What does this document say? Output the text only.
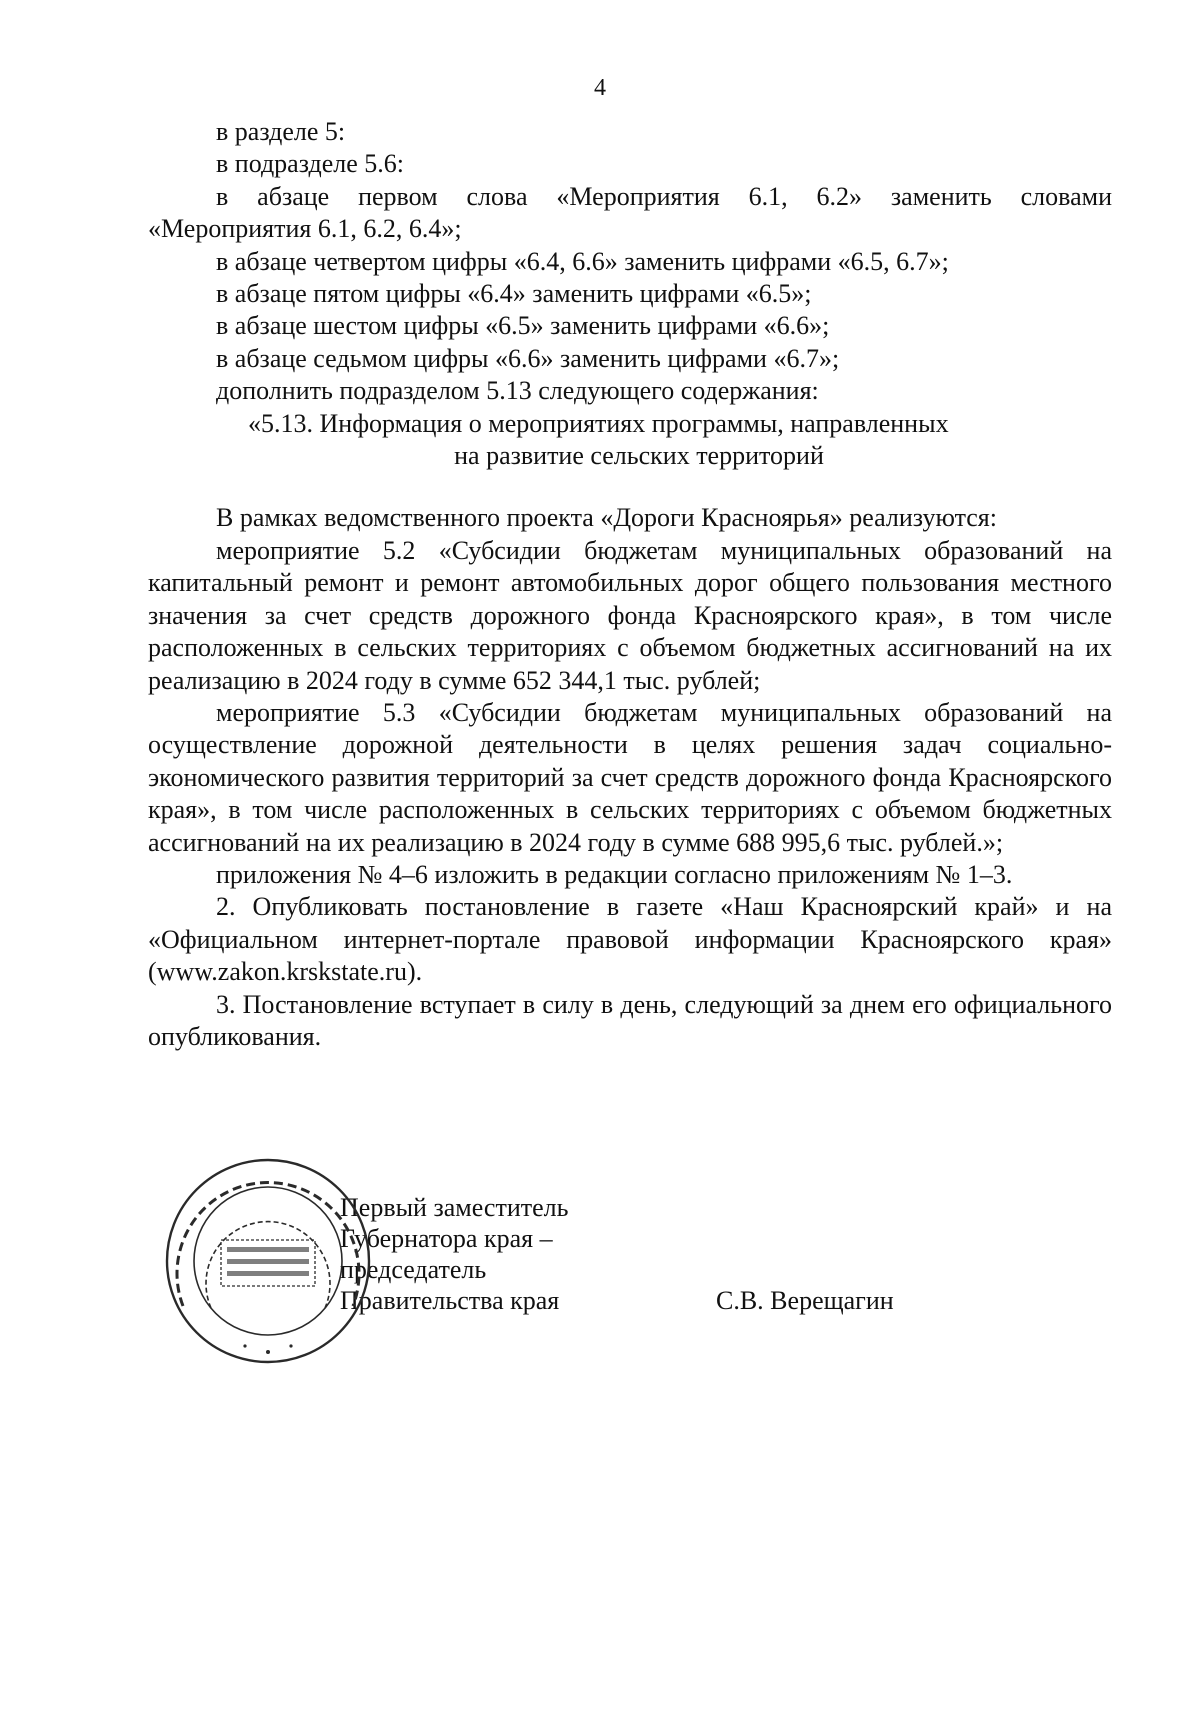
4

в разделе 5:

в подразделе 5.6:

в абзаце первом слова «Мероприятия 6.1, 6.2» заменить словами

«Мероприятия 6.1, 6.2, 6.4»;

в абзаце четвертом цифры «6.4, 6.6» заменить цифрами «6.5, 6.7»;

в абзаце пятом цифры «6.4» заменить цифрами «6.5»;

в абзаце шестом цифры «6.5» заменить цифрами «6.6»;

в абзаце седьмом цифры «6.6» заменить цифрами «6.7»;

дополнить подразделом 5.13 следующего содержания:

«5.13. Информация о мероприятиях программы, направленных

на развитие сельских территорий

В рамках ведомственного проекта «Дороги Красноярья» реализуются:

мероприятие 5.2 «Субсидии бюджетам муниципальных образований на капитальный ремонт и ремонт автомобильных дорог общего пользования местного значения за счет средств дорожного фонда Красноярского края», в том числе расположенных в сельских территориях с объемом бюджетных ассигнований на их реализацию в 2024 году в сумме 652 344,1 тыс. рублей;

мероприятие 5.3 «Субсидии бюджетам муниципальных образований на осуществление дорожной деятельности в целях решения задач социально-экономического развития территорий за счет средств дорожного фонда Красноярского края», в том числе расположенных в сельских территориях с объемом бюджетных ассигнований на их реализацию в 2024 году в сумме 688 995,6 тыс. рублей.»;

приложения № 4–6 изложить в редакции согласно приложениям № 1–3.

2. Опубликовать постановление в газете «Наш Красноярский край» и на «Официальном интернет-портале правовой информации Красноярского края» (www.zakon.krskstate.ru).

3. Постановление вступает в силу в день, следующий за днем его официального опубликования.

Первый заместитель
Губернатора края –
председатель
Правительства края	С.В. Верещагин
